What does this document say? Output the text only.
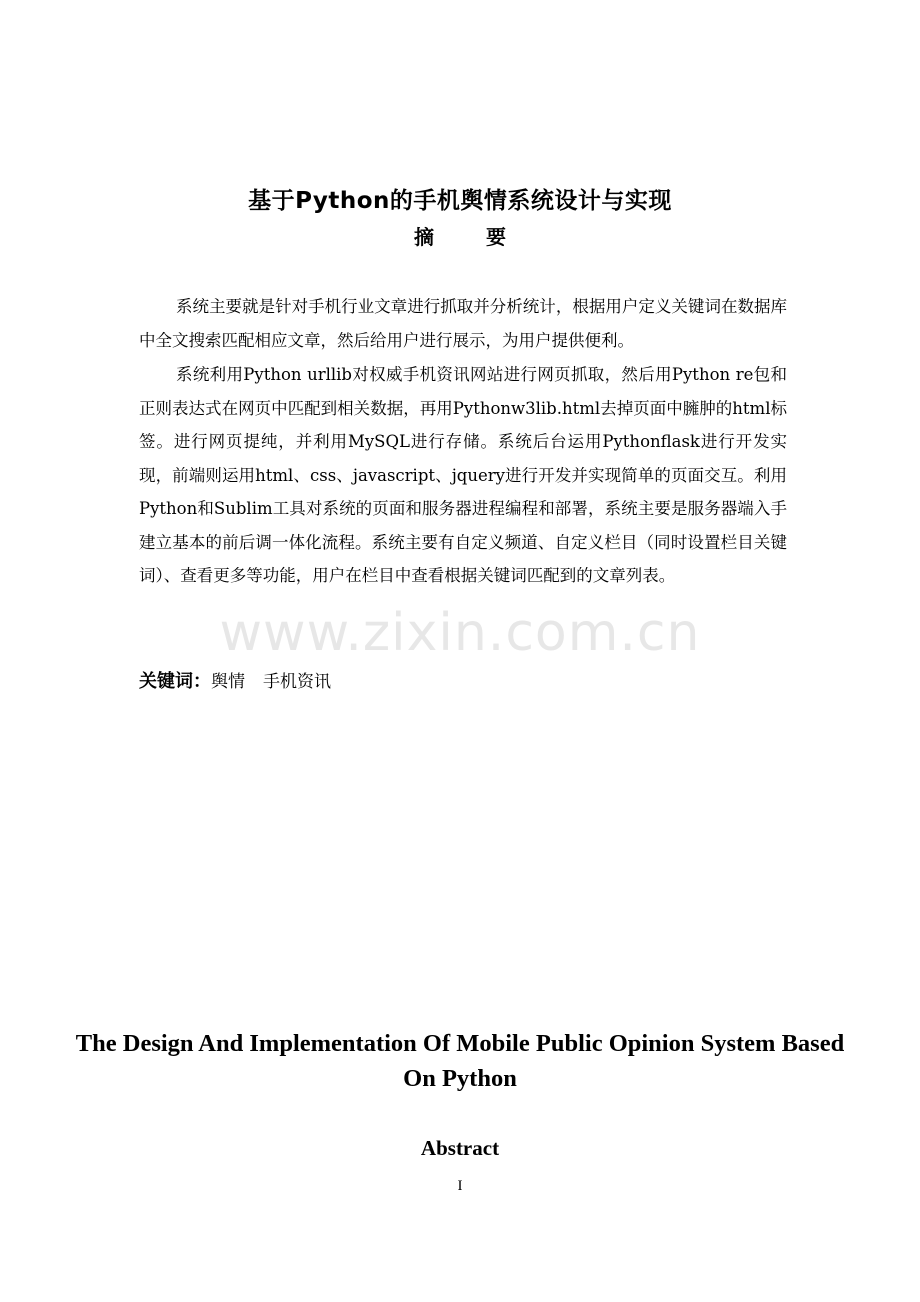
基于Python的手机舆情系统设计与实现
摘要
系统主要就是针对手机行业文章进行抓取并分析统计，根据用户定义关键词在数据库中全文搜索匹配相应文章，然后给用户进行展示，为用户提供便利。
系统利用Python urllib对权威手机资讯网站进行网页抓取，然后用Python re包和正则表达式在网页中匹配到相关数据，再用Pythonw3lib.html去掉页面中臃肿的html标签。进行网页提纯，并利用MySQL进行存储。系统后台运用Pythonflask进行开发实现，前端则运用html、css、javascript、jquery进行开发并实现简单的页面交互。利用Python和Sublim工具对系统的页面和服务器进程编程和部署，系统主要是服务器端入手建立基本的前后调一体化流程。系统主要有自定义频道、自定义栏目（同时设置栏目关键词）、查看更多等功能，用户在栏目中查看根据关键词匹配到的文章列表。
www.zixin.com.cn
关键词：舆情 手机资讯
The Design And Implementation Of Mobile Public Opinion System Based On Python
Abstract
I
